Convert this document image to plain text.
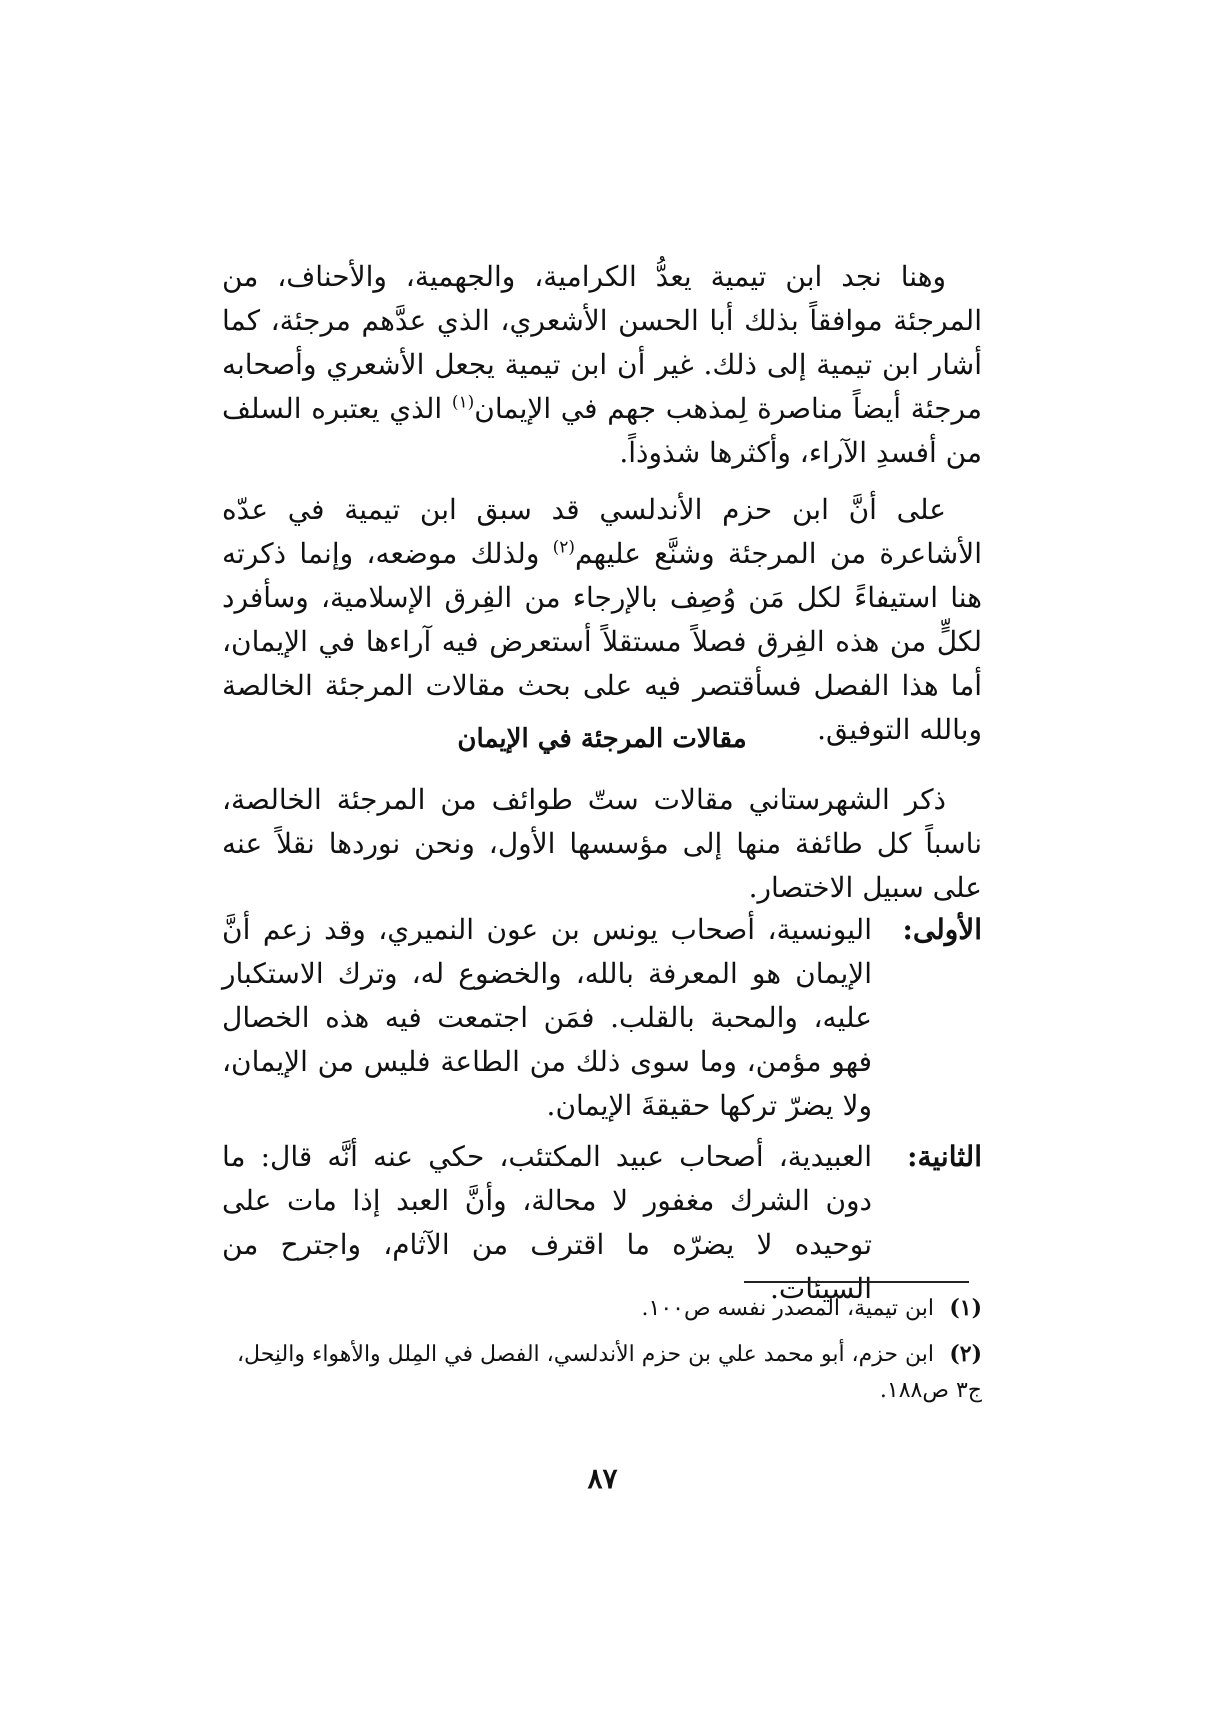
وهنا نجد ابن تيمية يعدُّ الكرامية، والجهمية، والأحناف، من المرجئة موافقاً بذلك أبا الحسن الأشعري، الذي عدَّهم مرجئة، كما أشار ابن تيمية إلى ذلك. غير أن ابن تيمية يجعل الأشعري وأصحابه مرجئة أيضاً مناصرة لِمذهب جهم في الإيمان$^{(١)}$ الذي يعتبره السلف من أفسدِ الآراء، وأكثرها شذوذاً.

على أنَّ ابن حزم الأندلسي قد سبق ابن تيمية في عدّه الأشاعرة من المرجئة وشنَّع عليهم$^{(٢)}$ ولذلك موضعه، وإنما ذكرته هنا استيفاءً لكل مَن وُصِف بالإرجاء من الفِرق الإسلامية، وسأفرد لكلٍّ من هذه الفِرق فصلاً مستقلاً أستعرض فيه آراءها في الإيمان، أما هذا الفصل فسأقتصر فيه على بحث مقالات المرجئة الخالصة وبالله التوفيق.

مقالات المرجئة في الإيمان

ذكر الشهرستاني مقالات ستّ طوائف من المرجئة الخالصة، ناسباً كل طائفة منها إلى مؤسسها الأول، ونحن نوردها نقلاً عنه على سبيل الاختصار.

الأولى:
اليونسية، أصحاب يونس بن عون النميري، وقد زعم أنَّ الإيمان هو المعرفة بالله، والخضوع له، وترك الاستكبار عليه، والمحبة بالقلب. فمَن اجتمعت فيه هذه الخصال فهو مؤمن، وما سوى ذلك من الطاعة فليس من الإيمان، ولا يضرّ تركها حقيقةَ الإيمان.
الثانية:
العبيدية، أصحاب عبيد المكتئب، حكي عنه أنَّه قال: ما دون الشرك مغفور لا محالة، وأنَّ العبد إذا مات على توحيده لا يضرّه ما اقترف من الآثام، واجترح من السيئات.
(١)ابن تيمية، المصدر نفسه ص١٠٠.
(٢)ابن حزم، أبو محمد علي بن حزم الأندلسي، الفصل في المِلل والأهواء والنِحل، ج٣ ص١٨٨.
٨٧
